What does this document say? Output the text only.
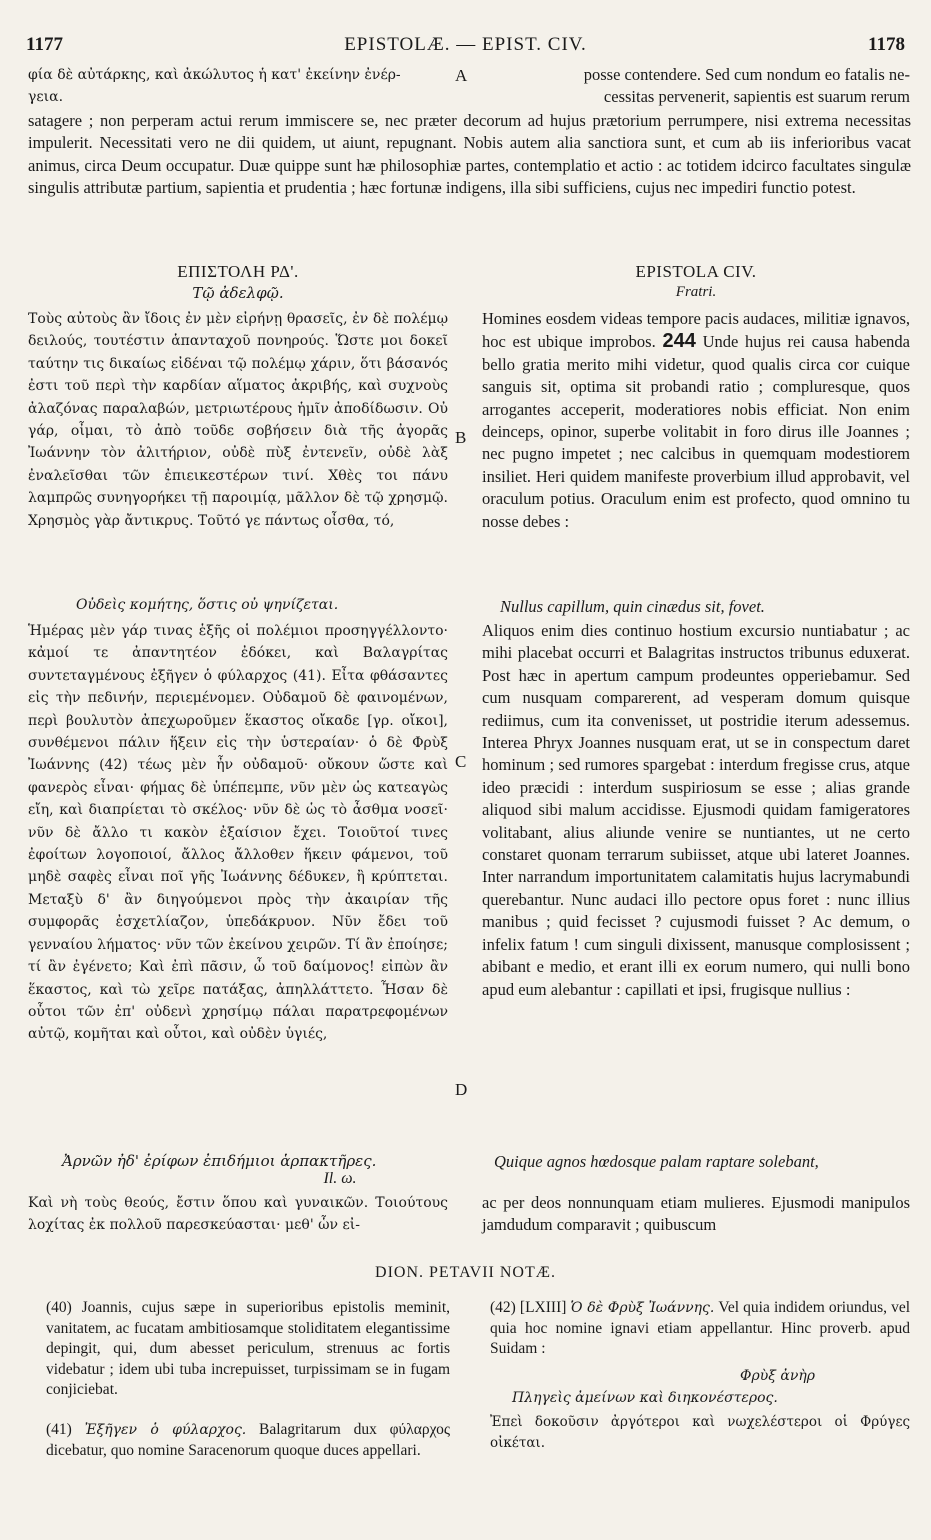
1177	EPISTOLÆ. — EPIST. CIV.	1178

φία δὲ αὐτάρκης, καὶ ἀκώλυτος ἡ κατ' ἐκείνην ἐνέρ-

γεια.

A	posse contendere. Sed cum nondum eo fatalis ne-

cessitas pervenerit, sapientis est suarum rerum

satagere ; non perperam actui rerum immiscere se, nec præter decorum ad hujus prætorium perrumpere, nisi extrema necessitas impulerit. Necessitati vero ne dii quidem, ut aiunt, repugnant. Nobis autem alia sanctiora sunt, et cum ab iis inferioribus vacat animus, circa Deum occupatur. Duæ quippe sunt hæ philosophiæ partes, contemplatio et actio : ac totidem idcirco facultates singulæ singulis attributæ partium, sapientia et prudentia ; hæc fortunæ indigens, illa sibi sufficiens, cujus nec impediri functio potest.
ΕΠΙΣΤΟΛΗ ΡΔ'.
Τῷ ἀδελφῷ.
EPISTOLA CIV.
Fratri.
Τοὺς αὐτοὺς ἂν ἴδοις ἐν μὲν εἰρήνῃ θρασεῖς, ἐν δὲ πολέμῳ δειλούς, τουτέστιν ἁπανταχοῦ πονηρούς. Ὥστε μοι δοκεῖ ταύτην τις δικαίως εἰδέναι τῷ πολέμῳ χάριν, ὅτι βάσανός ἐστι τοῦ περὶ τὴν καρδίαν αἵματος ἀκριβής, καὶ συχνοὺς ἀλαζόνας παραλαβών, μετριωτέρους ἡμῖν ἀποδίδωσιν. Οὐ γάρ, οἶμαι, τὸ ἀπὸ τοῦδε σοβήσειν διὰ τῆς ἀγορᾶς Ἰωάννην τὸν ἀλιτήριον, οὐδὲ πὺξ ἐντενεῖν, οὐδὲ λὰξ ἐναλεῖσθαι τῶν ἐπιεικεστέρων τινί. Χθὲς τοι πάνυ λαμπρῶς συνηγορήκει τῇ παροιμίᾳ, μᾶλλον δὲ τῷ χρησμῷ. Χρησμὸς γὰρ ἄντικρυς. Τοῦτό γε πάντως οἶσθα, τό,
Οὐδεὶς κομήτης, ὅστις οὐ ψηνίζεται.
Ἡμέρας μὲν γάρ τινας ἑξῆς οἱ πολέμιοι προσηγγέλλοντο· κἀμοί τε ἀπαντητέον ἐδόκει, καὶ Βαλαγρίτας συντεταγμένους ἐξῆγεν ὁ φύλαρχος (41). Εἶτα φθάσαντες εἰς τὴν πεδινήν, περιεμένομεν. Οὐδαμοῦ δὲ φαινομένων, περὶ βουλυτὸν ἀπεχωροῦμεν ἕκαστος οἴκαδε [γρ. οἴκοι], συνθέμενοι πάλιν ἥξειν εἰς τὴν ὑστεραίαν· ὁ δὲ Φρὺξ Ἰωάννης (42) τέως μὲν ἦν οὐδαμοῦ· οὔκουν ὥστε καὶ φανερὸς εἶναι· φήμας δὲ ὑπέπεμπε, νῦν μὲν ὡς κατεαγὼς εἴη, καὶ διαπρίεται τὸ σκέλος· νῦν δὲ ὡς τὸ ἆσθμα νοσεῖ· νῦν δὲ ἄλλο τι κακὸν ἐξαίσιον ἔχει. Τοιοῦτοί τινες ἐφοίτων λογοποιοί, ἄλλος ἄλλοθεν ἥκειν φάμενοι, τοῦ μηδὲ σαφὲς εἶναι ποῖ γῆς Ἰωάννης δέδυκεν, ἢ κρύπτεται. Μεταξὺ δ' ἂν διηγούμενοι πρὸς τὴν ἀκαιρίαν τῆς συμφορᾶς ἐσχετλίαζον, ὑπεδάκρυον. Νῦν ἔδει τοῦ γενναίου λήματος· νῦν τῶν ἐκείνου χειρῶν. Τί ἂν ἐποίησε; τί ἂν ἐγένετο; Καὶ ἐπὶ πᾶσιν, ὦ τοῦ δαίμονος! εἰπὼν ἂν ἕκαστος, καὶ τὼ χεῖρε πατάξας, ἀπηλλάττετο. Ἦσαν δὲ οὗτοι τῶν ἐπ' οὐδενὶ χρησίμῳ πάλαι παρατρεφομένων αὐτῷ, κομῆται καὶ οὗτοι, καὶ οὐδὲν ὑγιές,
Ἀρνῶν ἠδ' ἐρίφων ἐπιδήμιοι ἁρπακτῆρες.
Il. ω.
Καὶ νὴ τοὺς θεούς, ἔστιν ὅπου καὶ γυναικῶν. Τοιούτους λοχίτας ἐκ πολλοῦ παρεσκεύασται· μεθ' ὧν εἰ-
B
C
D
Homines eosdem videas tempore pacis audaces, militiæ ignavos, hoc est ubique improbos. 244 Unde hujus rei causa habenda bello gratia merito mihi videtur, quod qualis circa cor cuique sanguis sit, optima sit probandi ratio ; compluresque, quos arrogantes acceperit, moderatiores nobis efficiat. Non enim deinceps, opinor, superbe volitabit in foro dirus ille Joannes ; nec pugno impetet ; nec calcibus in quemquam modestiorem insiliet. Heri quidem manifeste proverbium illud approbavit, vel oraculum potius. Oraculum enim est profecto, quod omnino tu nosse debes :
Nullus capillum, quin cinædus sit, fovet.
Aliquos enim dies continuo hostium excursio nuntiabatur ; ac mihi placebat occurri et Balagritas instructos tribunus eduxerat. Post hæc in apertum campum prodeuntes opperiebamur. Sed cum nusquam comparerent, ad vesperam domum quisque rediimus, cum ita convenisset, ut postridie iterum adessemus. Interea Phryx Joannes nusquam erat, ut se in conspectum daret hominum ; sed rumores spargebat : interdum fregisse crus, atque ideo præcidi : interdum suspiriosum se esse ; alias grande aliquod sibi malum accidisse. Ejusmodi quidam famigeratores volitabant, alius aliunde venire se nuntiantes, ut ne certo constaret quonam terrarum subiisset, atque ubi lateret Joannes. Inter narrandum importunitatem calamitatis hujus lacrymabundi querebantur. Nunc audaci illo pectore opus foret : nunc illius manibus ; quid fecisset ? cujusmodi fuisset ? Ac demum, o infelix fatum ! cum singuli dixissent, manusque complosissent ; abibant e medio, et erant illi ex eorum numero, qui nulli bono apud eum alebantur : capillati et ipsi, frugisque nullius :
Quique agnos hœdosque palam raptare solebant,
ac per deos nonnunquam etiam mulieres. Ejusmodi manipulos jamdudum comparavit ; quibuscum
DION. PETAVII NOTÆ.
(40) Joannis, cujus sæpe in superioribus epistolis meminit, vanitatem, ac fucatam ambitiosamque stoliditatem elegantissime depingit, qui, dum abesset periculum, strenuus ac fortis videbatur ; idem ubi tuba increpuisset, turpissimam se in fugam conjiciebat.
(41) Ἐξῆγεν ὁ φύλαρχος. Balagritarum dux φύλαρχος dicebatur, quo nomine Saracenorum quoque duces appellari.
(42) [LXIII] Ὁ δὲ Φρὺξ Ἰωάννης. Vel quia indidem oriundus, vel quia hoc nomine ignavi etiam appellantur. Hinc proverb. apud Suidam :
Φρὺξ ἀνὴρ
Πληγεὶς ἀμείνων καὶ διηκονέστερος.
Ἐπεὶ δοκοῦσιν ἀργότεροι καὶ νωχελέστεροι οἱ Φρύγες οἰκέται.
